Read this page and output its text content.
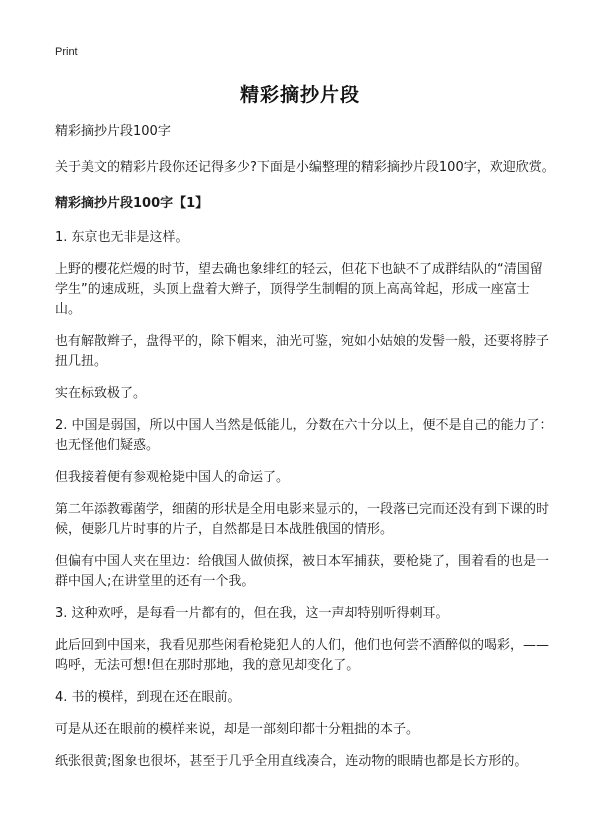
Print
精彩摘抄片段

精彩摘抄片段100字

关于美文的精彩片段你还记得多少?下面是小编整理的精彩摘抄片段100字，欢迎欣赏。

精彩摘抄片段100字【1】

1. 东京也无非是这样。

上野的樱花烂熳的时节，望去确也象绯红的轻云，但花下也缺不了成群结队的“清国留学生”的速成班，头顶上盘着大辫子，顶得学生制帽的顶上高高耸起，形成一座富士山。

也有解散辫子，盘得平的，除下帽来，油光可鉴，宛如小姑娘的发髻一般，还要将脖子扭几扭。

实在标致极了。

2. 中国是弱国，所以中国人当然是低能儿，分数在六十分以上，便不是自己的能力了：也无怪他们疑惑。

但我接着便有参观枪毙中国人的命运了。

第二年添教霉菌学，细菌的形状是全用电影来显示的，一段落已完而还没有到下课的时候，便影几片时事的片子，自然都是日本战胜俄国的情形。

但偏有中国人夹在里边：给俄国人做侦探，被日本军捕获，要枪毙了，围着看的也是一群中国人;在讲堂里的还有一个我。

3. 这种欢呼，是每看一片都有的，但在我，这一声却特别听得刺耳。

此后回到中国来，我看见那些闲看枪毙犯人的人们，他们也何尝不酒醉似的喝彩，——呜呼，无法可想!但在那时那地，我的意见却变化了。

4. 书的模样，到现在还在眼前。

可是从还在眼前的模样来说，却是一部刻印都十分粗拙的本子。

纸张很黄;图象也很坏，甚至于几乎全用直线凑合，连动物的眼睛也都是长方形的。
